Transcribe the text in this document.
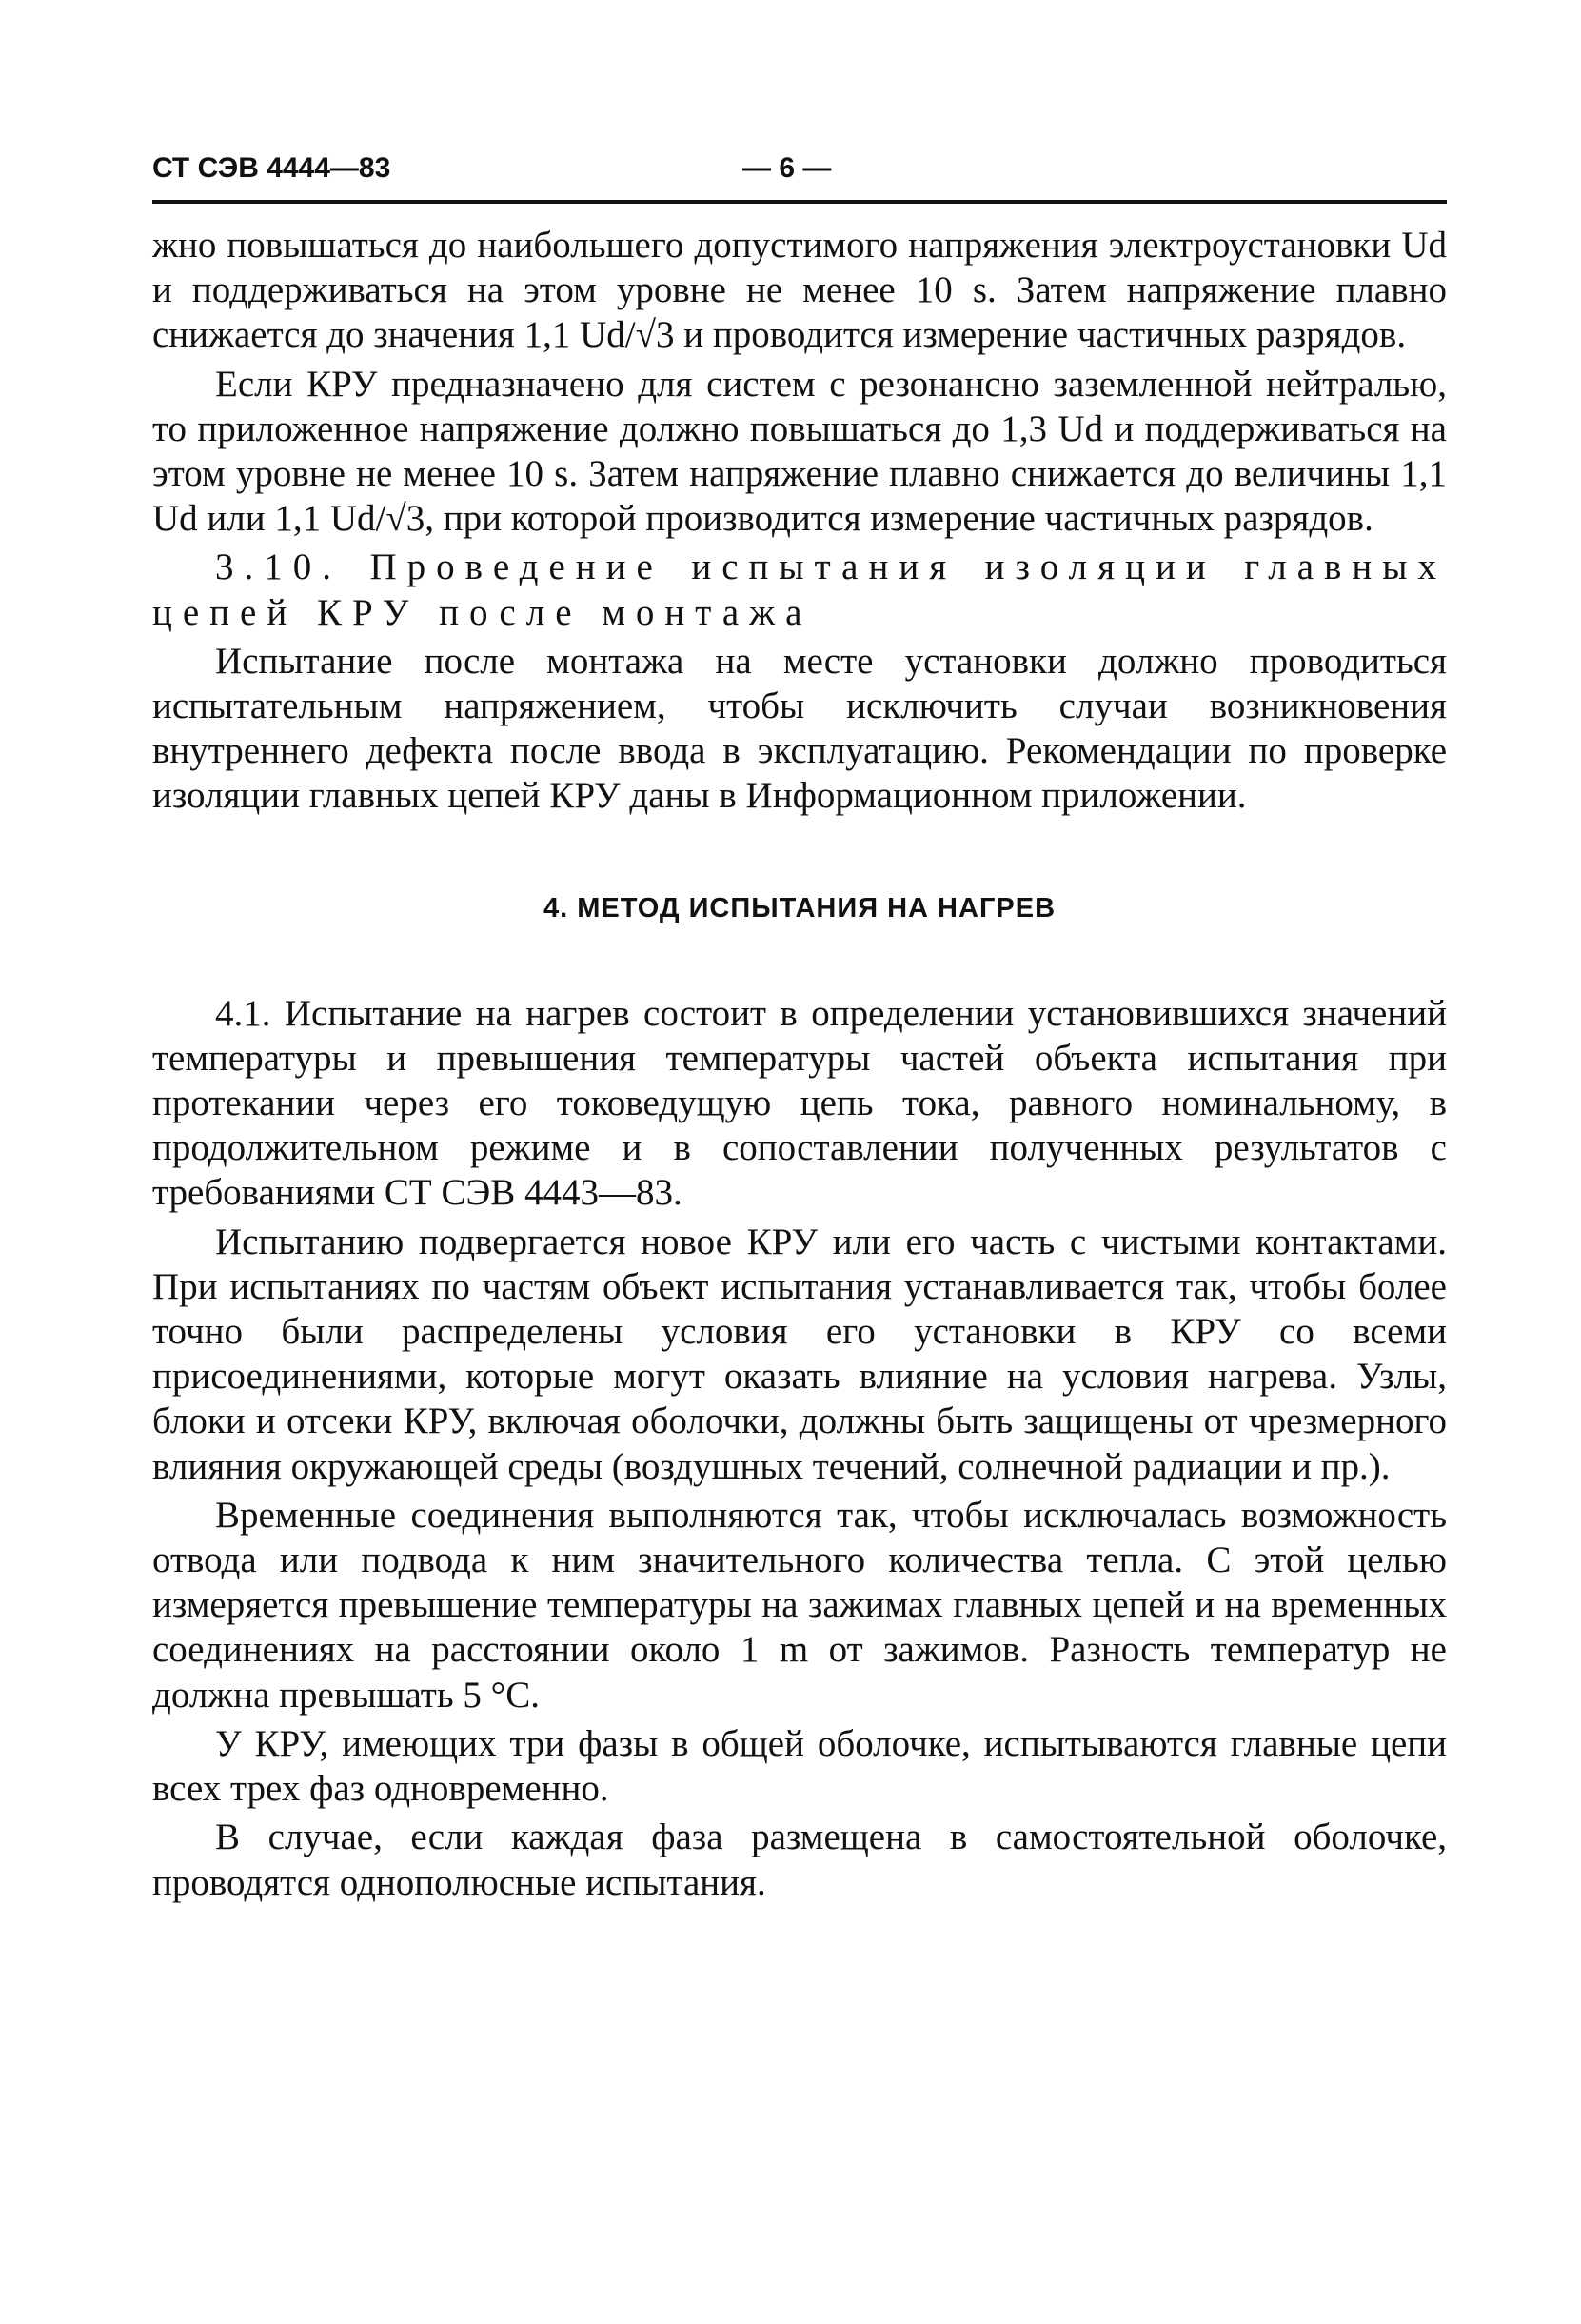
СТ СЭВ 4444—83	— 6 —

жно повышаться до наибольшего допустимого напряжения электроустановки Ud и поддерживаться на этом уровне не менее 10 s. Затем напряжение плавно снижается до значения 1,1 Ud/√3 и проводится измерение частичных разрядов.

Если КРУ предназначено для систем с резонансно заземленной нейтралью, то приложенное напряжение должно повышаться до 1,3 Ud и поддерживаться на этом уровне не менее 10 s. Затем напряжение плавно снижается до величины 1,1 Ud или 1,1 Ud/√3, при которой производится измерение частичных разрядов.

3.10. Проведение испытания изоляции главных цепей КРУ после монтажа

Испытание после монтажа на месте установки должно проводиться испытательным напряжением, чтобы исключить случаи возникновения внутреннего дефекта после ввода в эксплуатацию. Рекомендации по проверке изоляции главных цепей КРУ даны в Информационном приложении.

4. МЕТОД ИСПЫТАНИЯ НА НАГРЕВ

4.1. Испытание на нагрев состоит в определении установившихся значений температуры и превышения температуры частей объекта испытания при протекании через его токоведущую цепь тока, равного номинальному, в продолжительном режиме и в сопоставлении полученных результатов с требованиями СТ СЭВ 4443—83.

Испытанию подвергается новое КРУ или его часть с чистыми контактами. При испытаниях по частям объект испытания устанавливается так, чтобы более точно были распределены условия его установки в КРУ со всеми присоединениями, которые могут оказать влияние на условия нагрева. Узлы, блоки и отсеки КРУ, включая оболочки, должны быть защищены от чрезмерного влияния окружающей среды (воздушных течений, солнечной радиации и пр.).

Временные соединения выполняются так, чтобы исключалась возможность отвода или подвода к ним значительного количества тепла. С этой целью измеряется превышение температуры на зажимах главных цепей и на временных соединениях на расстоянии около 1 m от зажимов. Разность температур не должна превышать 5 °С.

У КРУ, имеющих три фазы в общей оболочке, испытываются главные цепи всех трех фаз одновременно.

В случае, если каждая фаза размещена в самостоятельной оболочке, проводятся однополюсные испытания.
